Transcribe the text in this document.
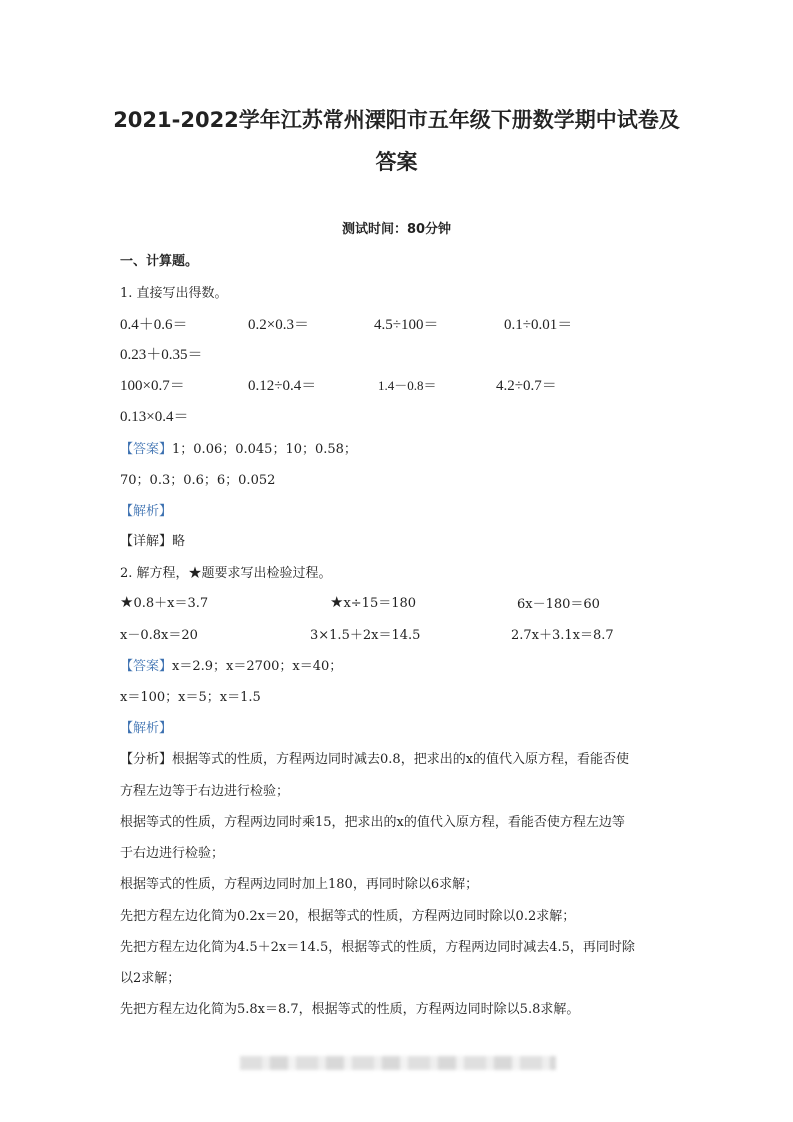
2021-2022学年江苏常州溧阳市五年级下册数学期中试卷及
答案
测试时间：80分钟
一、计算题。
1. 直接写出得数。
0.4＋0.6＝	0.2×0.3＝	4.5÷100＝	0.1÷0.01＝
0.23＋0.35＝
100×0.7＝	0.12÷0.4＝	1.4－0.8＝	4.2÷0.7＝
0.13×0.4＝
【答案】1；0.06；0.045；10；0.58；
70；0.3；0.6；6；0.052
【解析】
【详解】略
2. 解方程，★题要求写出检验过程。
★0.8＋x＝3.7	★x÷15＝180	6x－180＝60
x－0.8x＝20	3×1.5＋2x＝14.5	2.7x＋3.1x＝8.7
【答案】x＝2.9；x＝2700；x＝40；
x＝100；x＝5；x＝1.5
【解析】
【分析】根据等式的性质，方程两边同时减去0.8，把求出的x的值代入原方程，看能否使
方程左边等于右边进行检验；
根据等式的性质，方程两边同时乘15，把求出的x的值代入原方程，看能否使方程左边等
于右边进行检验；
根据等式的性质，方程两边同时加上180，再同时除以6求解；
先把方程左边化简为0.2x＝20，根据等式的性质，方程两边同时除以0.2求解；
先把方程左边化简为4.5＋2x＝14.5，根据等式的性质，方程两边同时减去4.5，再同时除
以2求解；
先把方程左边化简为5.8x＝8.7，根据等式的性质，方程两边同时除以5.8求解。
